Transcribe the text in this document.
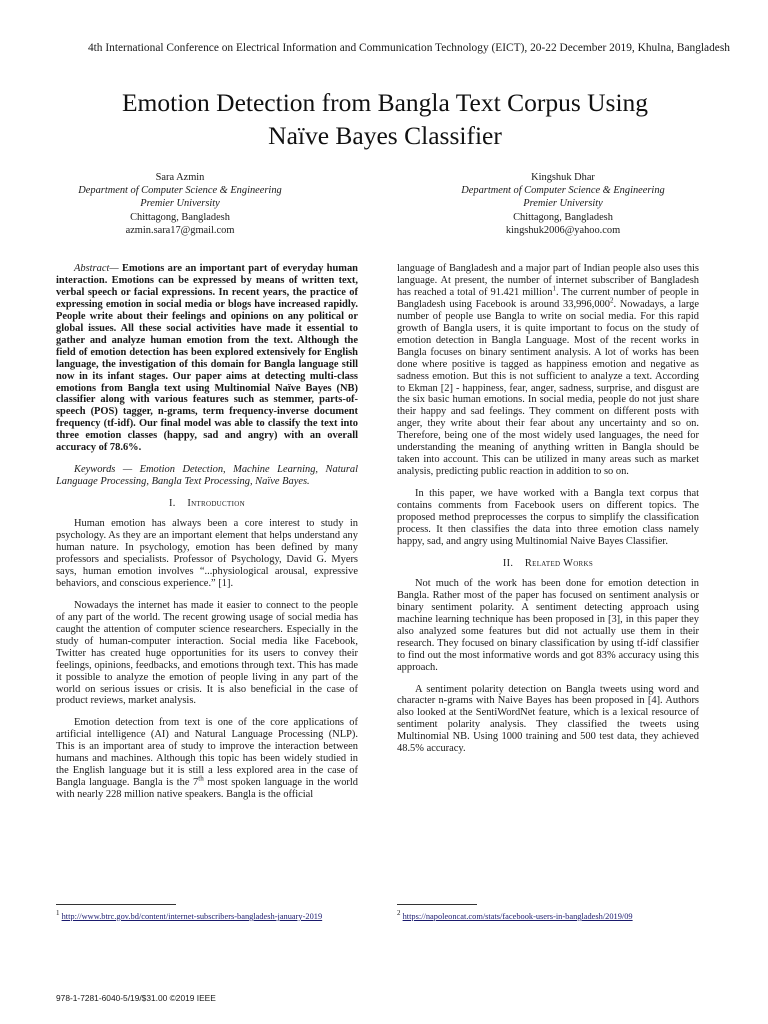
4th International Conference on Electrical Information and Communication Technology (EICT), 20-22 December 2019, Khulna, Bangladesh
Emotion Detection from Bangla Text Corpus Using
Naïve Bayes Classifier
Sara Azmin
Department of Computer Science & Engineering
Premier University
Chittagong, Bangladesh
azmin.sara17@gmail.com
Kingshuk Dhar
Department of Computer Science & Engineering
Premier University
Chittagong, Bangladesh
kingshuk2006@yahoo.com

Abstract— Emotions are an important part of everyday human interaction. Emotions can be expressed by means of written text, verbal speech or facial expressions. In recent years, the practice of expressing emotion in social media or blogs have increased rapidly. People write about their feelings and opinions on any political or global issues. All these social activities have made it essential to gather and analyze human emotion from the text. Although the field of emotion detection has been explored extensively for English language, the investigation of this domain for Bangla language still now in its infant stages. Our paper aims at detecting multi-class emotions from Bangla text using Multinomial Naïve Bayes (NB) classifier along with various features such as stemmer, parts-of-speech (POS) tagger, n-grams, term frequency-inverse document frequency (tf-idf). Our final model was able to classify the text into three emotion classes (happy, sad and angry) with an overall accuracy of 78.6%.

Keywords — Emotion Detection, Machine Learning, Natural Language Processing, Bangla Text Processing, Naïve Bayes.

I. Introduction

Human emotion has always been a core interest to study in psychology. As they are an important element that helps understand any human nature. In psychology, emotion has been defined by many professors and specialists. Professor of Psychology, David G. Myers says, human emotion involves “...physiological arousal, expressive behaviors, and conscious experience.” [1].

Nowadays the internet has made it easier to connect to the people of any part of the world. The recent growing usage of social media has caught the attention of computer science researchers. Especially in the study of human-computer interaction. Social media like Facebook, Twitter has created huge opportunities for its users to convey their feelings, opinions, feedbacks, and emotions through text. This has made it possible to analyze the emotion of people living in any part of the world on serious issues or crisis. It is also beneficial in the case of product reviews, market analysis.

Emotion detection from text is one of the core applications of artificial intelligence (AI) and Natural Language Processing (NLP). This is an important area of study to improve the interaction between humans and machines. Although this topic has been widely studied in the English language but it is still a less explored area in the case of Bangla language. Bangla is the 7th most spoken language in the world with nearly 228 million native speakers. Bangla is the official

language of Bangladesh and a major part of Indian people also uses this language. At present, the number of internet subscriber of Bangladesh has reached a total of 91.421 million$^1$. The current number of people in Bangladesh using Facebook is around 33,996,000$^2$. Nowadays, a large number of people use Bangla to write on social media. For this rapid growth of Bangla users, it is quite important to focus on the study of emotion detection in Bangla Language. Most of the recent works in Bangla focuses on binary sentiment analysis. A lot of works has been done where positive is tagged as happiness emotion and negative as sadness emotion. But this is not sufficient to analyze a text. According to Ekman [2] - happiness, fear, anger, sadness, surprise, and disgust are the six basic human emotions. In social media, people do not just share their happy and sad feelings. They comment on different posts with anger, they write about their fear about any uncertainty and so on. Therefore, being one of the most widely used languages, the need for understanding the meaning of anything written in Bangla should be taken into account. This can be utilized in many areas such as market analysis, predicting public reaction in addition to so on.

In this paper, we have worked with a Bangla text corpus that contains comments from Facebook users on different topics. The proposed method preprocesses the corpus to simplify the classification process. It then classifies the data into three emotion class namely happy, sad, and angry using Multinomial Naive Bayes Classifier.

II. Related Works

Not much of the work has been done for emotion detection in Bangla. Rather most of the paper has focused on sentiment analysis or binary sentiment polarity. A sentiment detecting approach using machine learning technique has been proposed in [3], in this paper they also analyzed some features but did not actually use them in their research. They focused on binary classification by using tf-idf classifier to find out the most informative words and got 83% accuracy using this approach.

A sentiment polarity detection on Bangla tweets using word and character n-grams with Naive Bayes has been proposed in [4]. Authors also looked at the SentiWordNet feature, which is a lexical resource of sentiment polarity analysis. They classified the tweets using Multinomial NB. Using 1000 training and 500 test data, they achieved 48.5% accuracy.

$^1$ http://www.btrc.gov.bd/content/internet-subscribers-bangladesh-january-2019	$^2$ https://napoleoncat.com/stats/facebook-users-in-bangladesh/2019/09
978-1-7281-6040-5/19/$31.00 ©2019 IEEE
